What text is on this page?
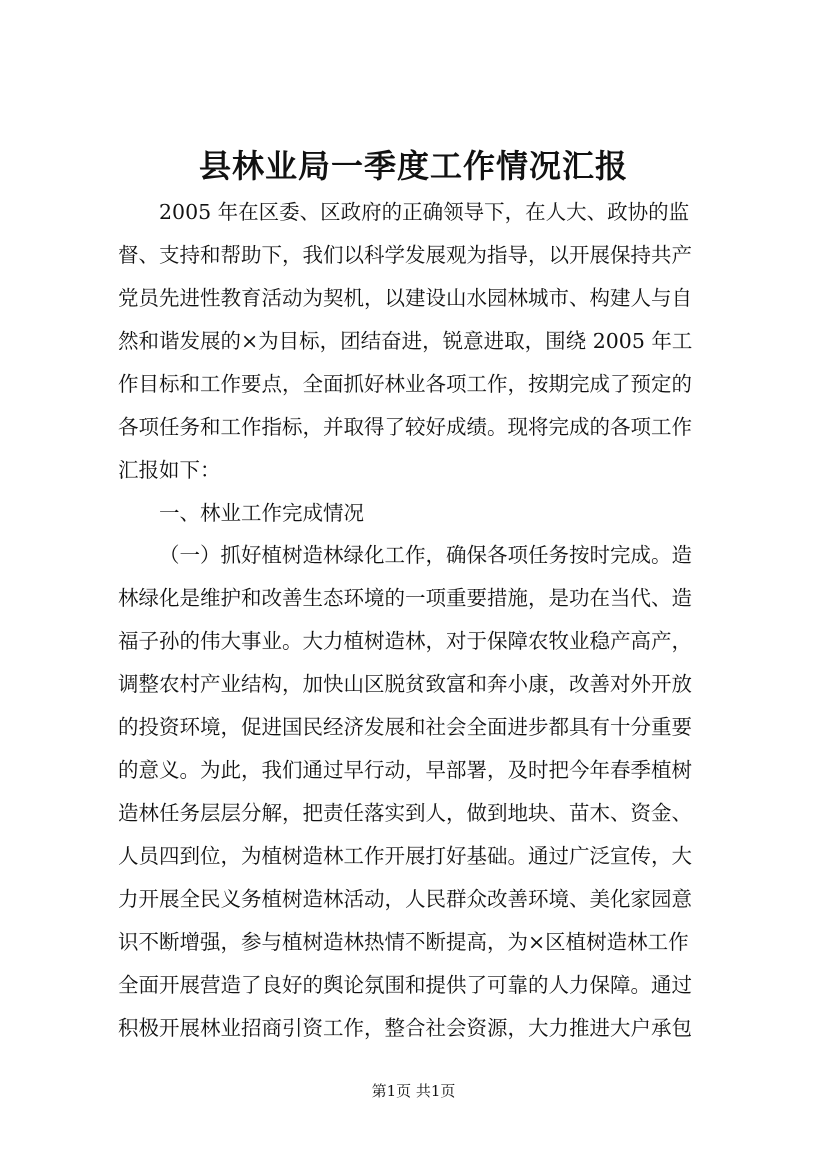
县林业局一季度工作情况汇报
2005 年在区委、区政府的正确领导下，在人大、政协的监
督、支持和帮助下，我们以科学发展观为指导，以开展保持共产
党员先进性教育活动为契机，以建设山水园林城市、构建人与自
然和谐发展的×为目标，团结奋进，锐意进取，围绕 2005 年工
作目标和工作要点，全面抓好林业各项工作，按期完成了预定的
各项任务和工作指标，并取得了较好成绩。现将完成的各项工作
汇报如下：
一、林业工作完成情况
（一）抓好植树造林绿化工作，确保各项任务按时完成。造
林绿化是维护和改善生态环境的一项重要措施，是功在当代、造
福子孙的伟大事业。大力植树造林，对于保障农牧业稳产高产，
调整农村产业结构，加快山区脱贫致富和奔小康，改善对外开放
的投资环境，促进国民经济发展和社会全面进步都具有十分重要
的意义。为此，我们通过早行动，早部署，及时把今年春季植树
造林任务层层分解，把责任落实到人，做到地块、苗木、资金、
人员四到位，为植树造林工作开展打好基础。通过广泛宣传，大
力开展全民义务植树造林活动，人民群众改善环境、美化家园意
识不断增强，参与植树造林热情不断提高，为×区植树造林工作
全面开展营造了良好的舆论氛围和提供了可靠的人力保障。通过
积极开展林业招商引资工作，整合社会资源，大力推进大户承包
第1页 共1页
